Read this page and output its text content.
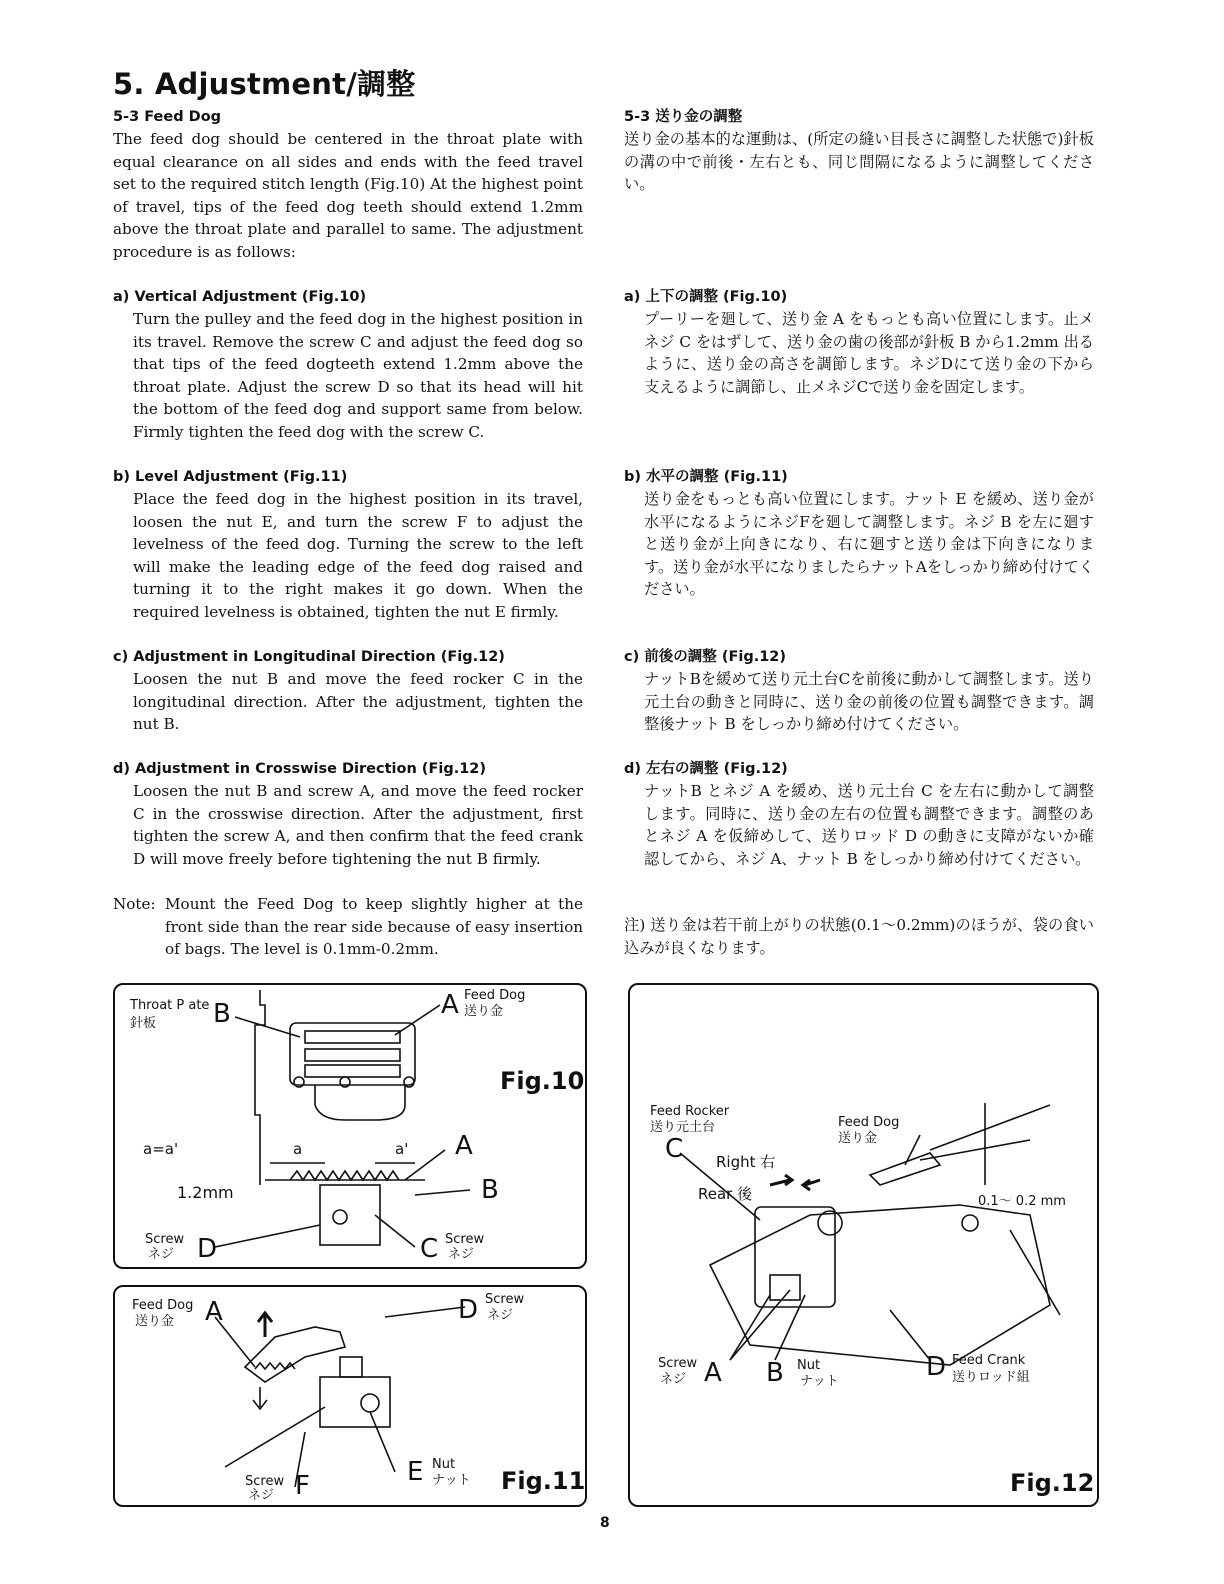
5. Adjustment/調整
5-3 Feed Dog
The feed dog should be centered in the throat plate with equal clearance on all sides and ends with the feed travel set to the required stitch length (Fig.10) At the highest point of travel, tips of the feed dog teeth should extend 1.2mm above the throat plate and parallel to same. The adjustment procedure is as follows:
a) Vertical Adjustment (Fig.10)
Turn the pulley and the feed dog in the highest position in its travel. Remove the screw C and adjust the feed dog so that tips of the feed dogteeth extend 1.2mm above the throat plate. Adjust the screw D so that its head will hit the bottom of the feed dog and support same from below. Firmly tighten the feed dog with the screw C.
b) Level Adjustment (Fig.11)
Place the feed dog in the highest position in its travel, loosen the nut E, and turn the screw F to adjust the levelness of the feed dog. Turning the screw to the left will make the leading edge of the feed dog raised and turning it to the right makes it go down. When the required levelness is obtained, tighten the nut E firmly.
c) Adjustment in Longitudinal Direction (Fig.12)
Loosen the nut B and move the feed rocker C in the longitudinal direction. After the adjustment, tighten the nut B.
d) Adjustment in Crosswise Direction (Fig.12)
Loosen the nut B and screw A, and move the feed rocker C in the crosswise direction. After the adjustment, first tighten the screw A, and then confirm that the feed crank D will move freely before tightening the nut B firmly.
Note: Mount the Feed Dog to keep slightly higher at the front side than the rear side because of easy insertion of bags. The level is 0.1mm-0.2mm.
5-3 送り金の調整
送り金の基本的な運動は、(所定の縫い目長さに調整した状態で)針板の溝の中で前後・左右とも、同じ間隔になるように調整してください。
a) 上下の調整 (Fig.10)
プーリーを廻して、送り金 A をもっとも高い位置にします。止メネジ C をはずして、送り金の歯の後部が針板 B から1.2mm 出るように、送り金の高さを調節します。ネジDにて送り金の下から支えるように調節し、止メネジCで送り金を固定します。
b) 水平の調整 (Fig.11)
送り金をもっとも高い位置にします。ナット E を緩め、送り金が水平になるようにネジFを廻して調整します。ネジ B を左に廻すと送り金が上向きになり、右に廻すと送り金は下向きになります。送り金が水平になりましたらナットAをしっかり締め付けてください。
c) 前後の調整 (Fig.12)
ナットBを緩めて送り元土台Cを前後に動かして調整します。送り元土台の動きと同時に、送り金の前後の位置も調整できます。調整後ナット B をしっかり締め付けてください。
d) 左右の調整 (Fig.12)
ナットB とネジ A を緩め、送り元土台 C を左右に動かして調整します。同時に、送り金の左右の位置も調整できます。調整のあとネジ A を仮締めして、送りロッド D の動きに支障がないか確認してから、ネジ A、ナット B をしっかり締め付けてください。
注) 送り金は若干前上がりの状態(0.1～0.2mm)のほうが、袋の食い込みが良くなります。
Throat P ate
針板 B	A Feed Dog
送り金
Fig.10
a=a'	a	a' A
B
1.2mm
Screw
ネジ D	C Screw
ネジ
Feed Dog
送り金 A	D Screw
ネジ
E Nut
ナット
Screw
ネジ F	Fig.11
Feed Rocker
送り元土台
C
Feed Dog
送り金
Right 右
Rear 後	0.1～ 0.2 mm
Screw
ネジ A B Nut
ナット	D Feed Crank
送りロッド組
Fig.12
8
